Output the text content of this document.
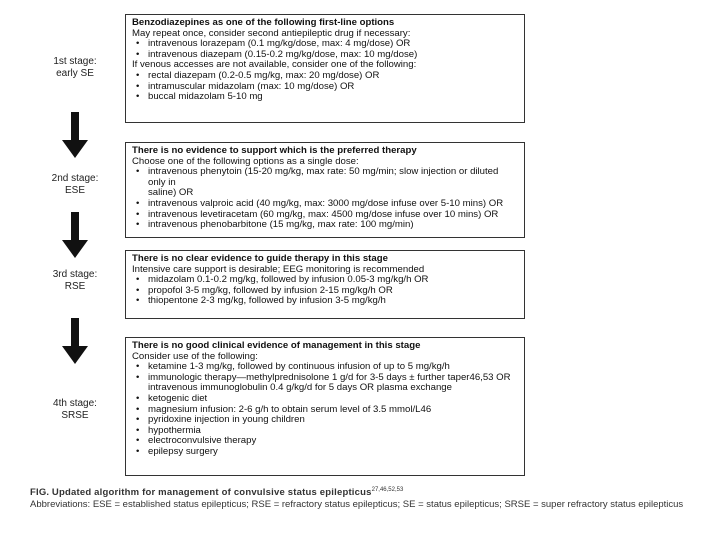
1st stage:
early SE
2nd stage:
ESE
3rd stage:
RSE
4th stage:
SRSE
Benzodiazepines as one of the following first-line options
May repeat once, consider second antiepileptic drug if necessary:
• intravenous lorazepam (0.1 mg/kg/dose, max: 4 mg/dose) OR
• intravenous diazepam (0.15-0.2 mg/kg/dose, max: 10 mg/dose)
If venous accesses are not available, consider one of the following:
• rectal diazepam (0.2-0.5 mg/kg, max: 20 mg/dose) OR
• intramuscular midazolam (max: 10 mg/dose) OR
• buccal midazolam 5-10 mg
There is no evidence to support which is the preferred therapy
Choose one of the following options as a single dose:
• intravenous phenytoin (15-20 mg/kg, max rate: 50 mg/min; slow injection or diluted only in
saline) OR
• intravenous valproic acid (40 mg/kg, max: 3000 mg/dose infuse over 5-10 mins) OR
• intravenous levetiracetam (60 mg/kg, max: 4500 mg/dose infuse over 10 mins) OR
• intravenous phenobarbitone (15 mg/kg, max rate: 100 mg/min)
There is no clear evidence to guide therapy in this stage
Intensive care support is desirable; EEG monitoring is recommended
• midazolam 0.1-0.2 mg/kg, followed by infusion 0.05-3 mg/kg/h OR
• propofol 3-5 mg/kg, followed by infusion 2-15 mg/kg/h OR
• thiopentone 2-3 mg/kg, followed by infusion 3-5 mg/kg/h
There is no good clinical evidence of management in this stage
Consider use of the following:
• ketamine 1-3 mg/kg, followed by continuous infusion of up to 5 mg/kg/h
• immunologic therapy—methylprednisolone 1 g/d for 3-5 days ± further taper46,53 OR
intravenous immunoglobulin 0.4 g/kg/d for 5 days OR plasma exchange
• ketogenic diet
• magnesium infusion: 2-6 g/h to obtain serum level of 3.5 mmol/L46
• pyridoxine injection in young children
• hypothermia
• electroconvulsive therapy
• epilepsy surgery
FIG. Updated algorithm for management of convulsive status epilepticus$^{27,46,52,53}$
Abbreviations: ESE = established status epilepticus; RSE = refractory status epilepticus; SE = status epilepticus; SRSE = super refractory status epilepticus
